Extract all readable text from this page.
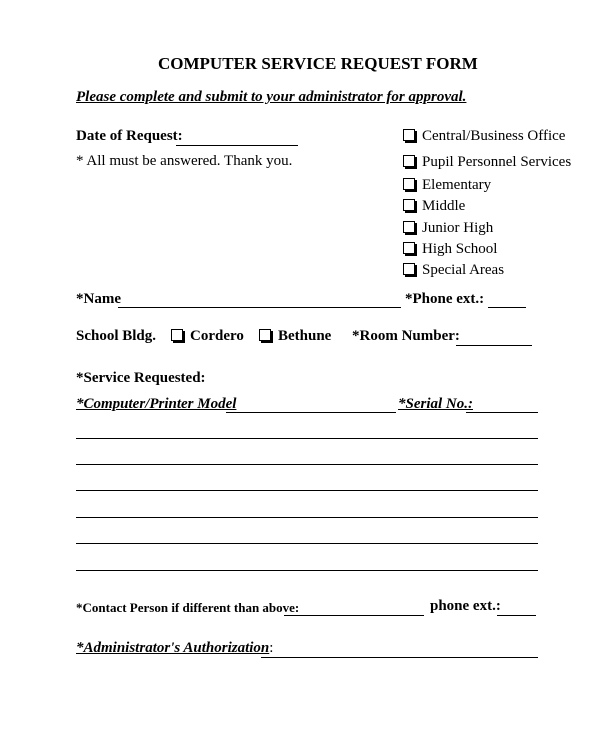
COMPUTER SERVICE REQUEST FORM
Please complete and submit to your administrator for approval.
Date of Request:
* All must be answered. Thank you.
Central/Business Office
Pupil Personnel Services
Elementary
Middle
Junior High
High School
Special Areas
*Name	*Phone ext.:
School Bldg.	Cordero	Bethune *Room Number:
*Service Requested:
*Computer/Printer Model	*Serial No.:
*Contact Person if different than above:	phone ext.:
*Administrator's Authorization:
